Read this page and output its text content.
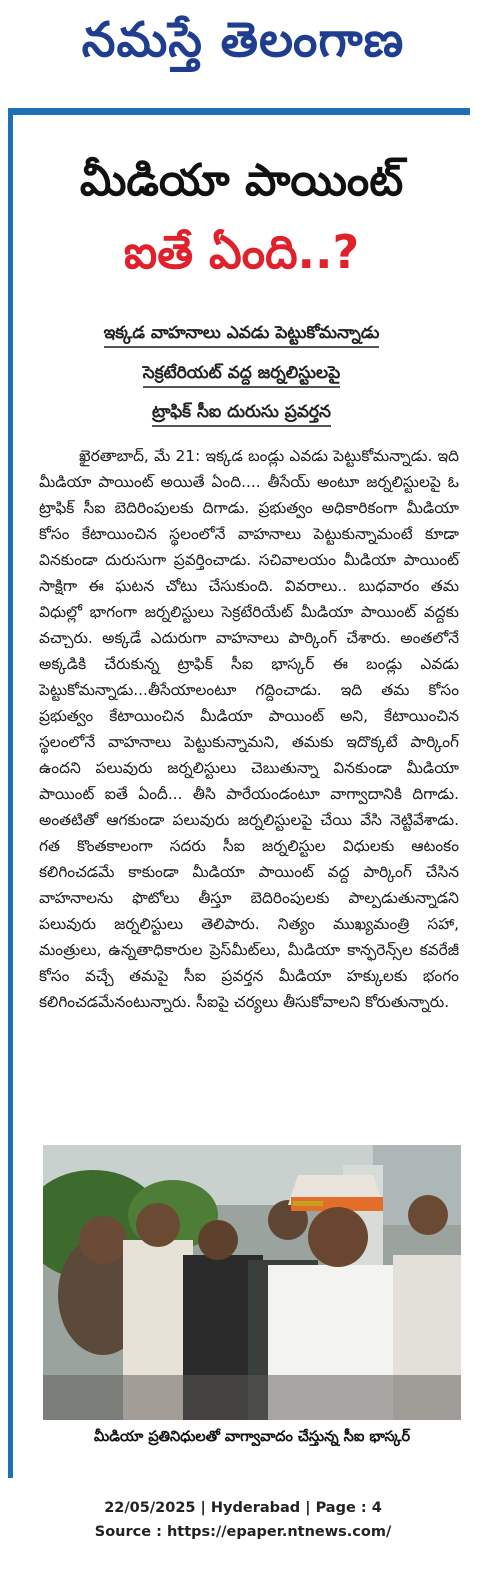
నమస్తే తెలంగాణ
మీడియా పాయింట్
ఐతే ఏంది..?
ఇక్కడ వాహనాలు ఎవడు పెట్టుకోమన్నాడు
సెక్రటేరియట్ వద్ద జర్నలిస్టులపై
ట్రాఫిక్ సీఐ దురుసు ప్రవర్తన
ఖైరతాబాద్, మే 21: ఇక్కడ బండ్లు ఎవడు పెట్టుకోమన్నాడు. ఇది మీడియా పాయింట్ అయితే ఏంది.... తీసేయ్ అంటూ జర్నలిస్టులపై ఓ ట్రాఫిక్ సీఐ బెదిరింపులకు దిగాడు. ప్రభుత్వం అధికారికంగా మీడియా కోసం కేటాయించిన స్థలంలోనే వాహనాలు పెట్టుకున్నామంటే కూడా వినకుండా దురుసుగా ప్రవర్తించాడు. సచివాలయం మీడియా పాయింట్ సాక్షిగా ఈ ఘటన చోటు చేసుకుంది. వివరాలు.. బుధవారం తమ విధుల్లో భాగంగా జర్నలిస్టులు సెక్రటేరియేట్ మీడియా పాయింట్ వద్దకు వచ్చారు. అక్కడే ఎదురుగా వాహనాలు పార్కింగ్ చేశారు. అంతలోనే అక్కడికి చేరుకున్న ట్రాఫిక్ సీఐ భాస్కర్ ఈ బండ్లు ఎవడు పెట్టుకోమన్నాడు...తీసేయాలంటూ గద్దించాడు. ఇది తమ కోసం ప్రభుత్వం కేటాయించిన మీడియా పాయింట్ అని, కేటాయించిన స్థలంలోనే వాహనాలు పెట్టుకున్నామని, తమకు ఇదొక్కటే పార్కింగ్ ఉందని పలువురు జర్నలిస్టులు చెబుతున్నా వినకుండా మీడియా పాయింట్ ఐతే ఏందీ... తీసి పారేయండంటూ వాగ్వాదానికి దిగాడు. అంతటితో ఆగకుండా పలువురు జర్నలిస్టులపై చేయి వేసి నెట్టివేశాడు. గత కొంతకాలంగా సదరు సీఐ జర్నలిస్టుల విధులకు ఆటంకం కలిగించడమే కాకుండా మీడియా పాయింట్ వద్ద పార్కింగ్ చేసిన వాహనాలను ఫొటోలు తీస్తూ బెదిరింపులకు పాల్పడుతున్నాడని పలువురు జర్నలిస్టులు తెలిపారు. నిత్యం ముఖ్యమంత్రి సహా, మంత్రులు, ఉన్నతాధికారుల ప్రెస్‌మీట్‌లు, మీడియా కాన్ఫరెన్స్‌ల కవరేజీ కోసం వచ్చే తమపై సీఐ ప్రవర్తన మీడియా హక్కులకు భంగం కలిగించడమేనంటున్నారు. సీఐపై చర్యలు తీసుకోవాలని కోరుతున్నారు.
మీడియా ప్రతినిధులతో వాగ్వావాదం చేస్తున్న సీఐ భాస్కర్
22/05/2025 | Hyderabad | Page : 4
Source : https://epaper.ntnews.com/
